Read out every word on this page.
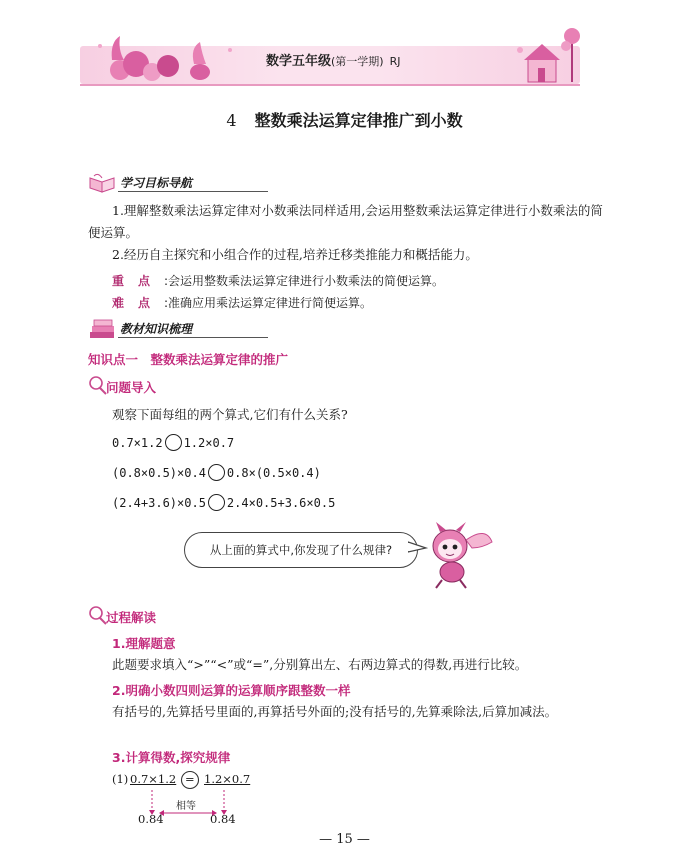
数学五年级(第一学期) RJ
4 整数乘法运算定律推广到小数
学习目标导航
1.理解整数乘法运算定律对小数乘法同样适用,会运用整数乘法运算定律进行小数乘法的简便运算。
2.经历自主探究和小组合作的过程,培养迁移类推能力和概括能力。
重点:会运用整数乘法运算定律进行小数乘法的简便运算。
难点:准确应用乘法运算定律进行简便运算。
教材知识梳理
知识点一　整数乘法运算定律的推广
问题导入
观察下面每组的两个算式,它们有什么关系?
0.7×1.2 1.2×0.7
(0.8×0.5)×0.4 0.8×(0.5×0.4)
(2.4+3.6)×0.5 2.4×0.5+3.6×0.5
从上面的算式中,你发现了什么规律?
过程解读
1.理解题意
此题要求填入“>”“<”或“=”,分别算出左、右两边算式的得数,再进行比较。
2.明确小数四则运算的运算顺序跟整数一样
有括号的,先算括号里面的,再算括号外面的;没有括号的,先算乘除法,后算加减法。
3.计算得数,探究规律
(1) 0.7×1.2 = 1.2×0.7
相等
0.84	0.84
— 15 —
